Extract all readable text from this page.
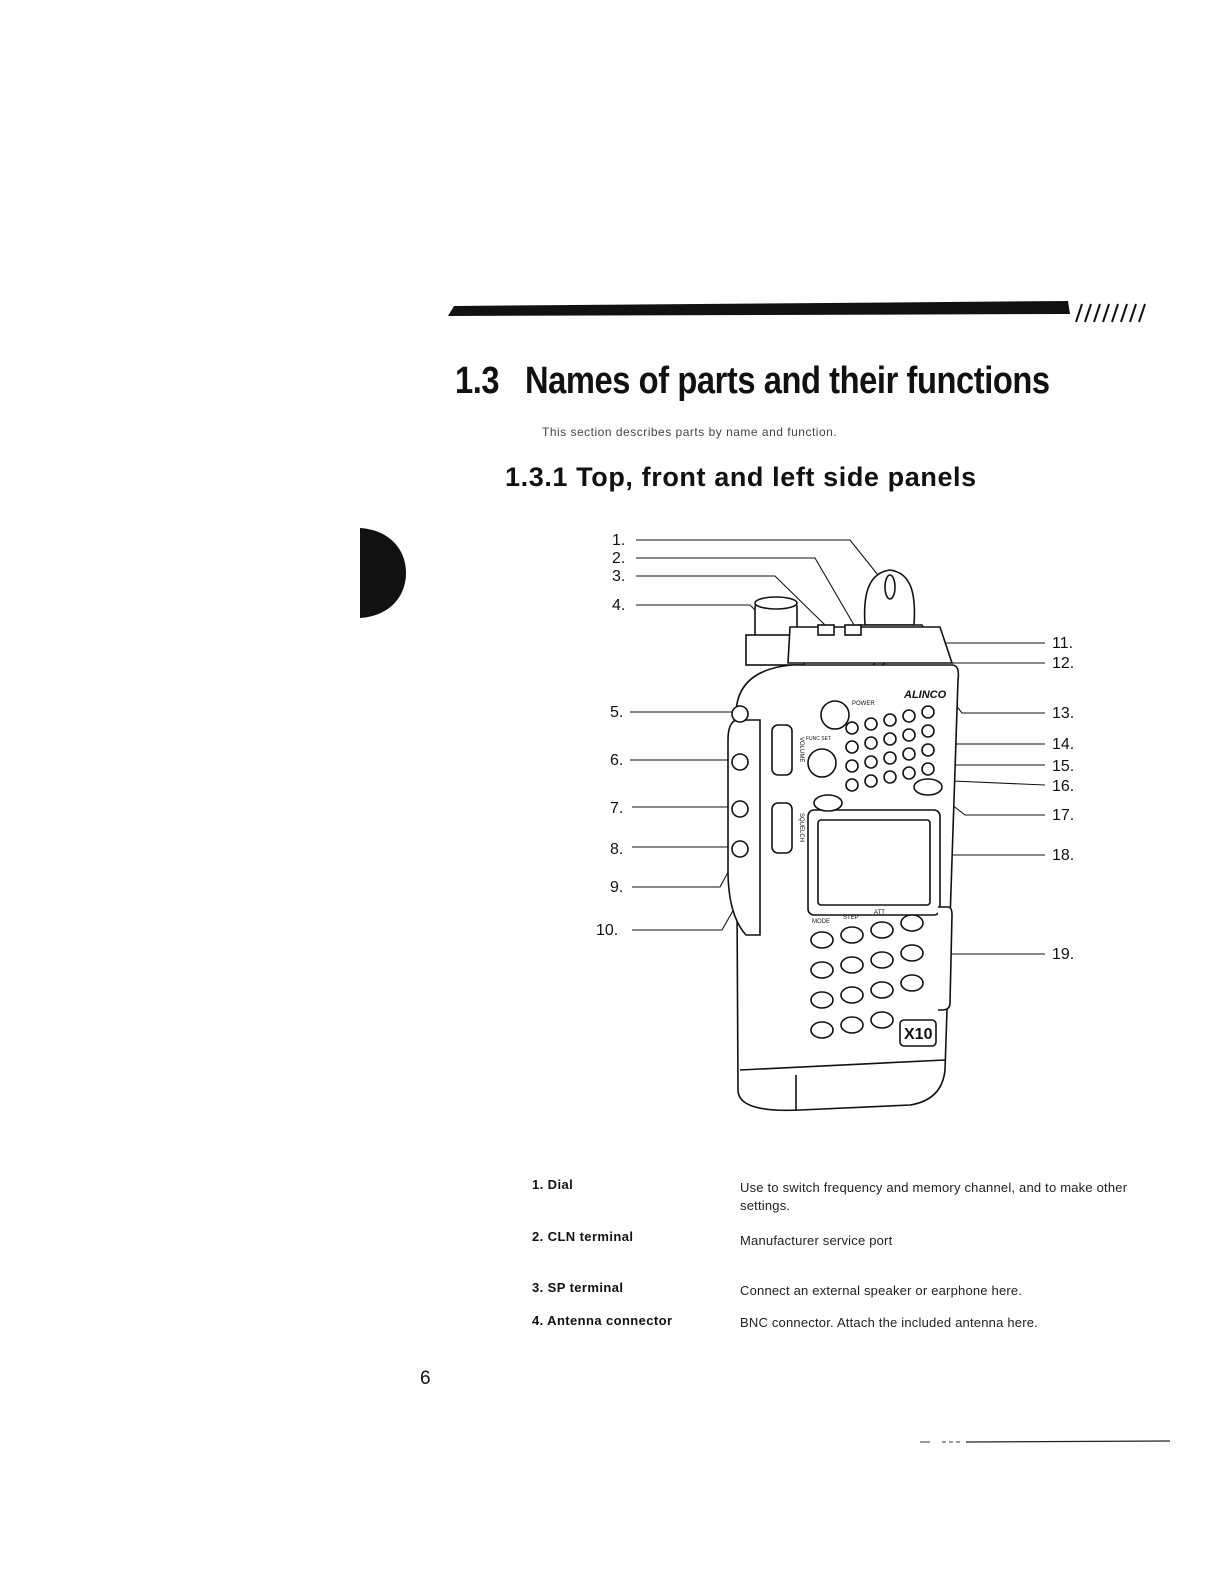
1.3 Names of parts and their functions
This section describes parts by name and function.
1.3.1 Top, front and left side panels
1.
2.
3.
4.
5.
6.
7.
8.
9.
10.
11.
12.
13.
14.
15.
16.
17.
18.
19.
ALINCO
X10
POWER
VOLUME
SQUELCH
FUNC SET
MODE
STEP
ATT
1. Dial	Use to switch frequency and memory channel, and to make other settings.
2. CLN terminal	Manufacturer service port
3. SP terminal	Connect an external speaker or earphone here.
4. Antenna connector	BNC connector. Attach the included antenna here.
6
